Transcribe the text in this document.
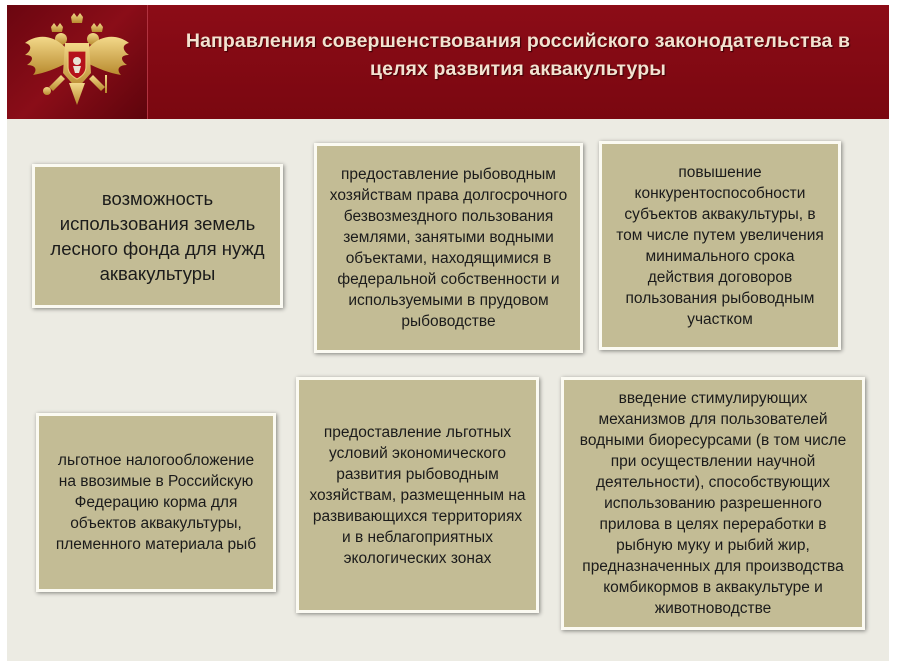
Направления совершенствования российского законодательства в целях развития аквакультуры
возможность использования земель лесного фонда для нужд аквакультуры
предоставление рыбоводным хозяйствам права долгосрочного безвозмездного пользования землями, занятыми водными объектами, находящимися в федеральной собственности и используемыми в прудовом рыбоводстве
повышение конкурентоспособности субъектов аквакультуры, в том числе путем увеличения минимального срока действия договоров пользования рыбоводным участком
льготное налогообложение на ввозимые в Российскую Федерацию корма для объектов аквакультуры, племенного материала рыб
предоставление льготных условий экономического развития рыбоводным хозяйствам, размещенным на развивающихся территориях и в неблагоприятных экологических зонах
введение стимулирующих механизмов для пользователей водными биоресурсами (в том числе при осуществлении научной деятельности), способствующих использованию разрешенного прилова в целях переработки в рыбную муку и рыбий жир, предназначенных для производства комбикормов в аквакультуре и животноводстве
